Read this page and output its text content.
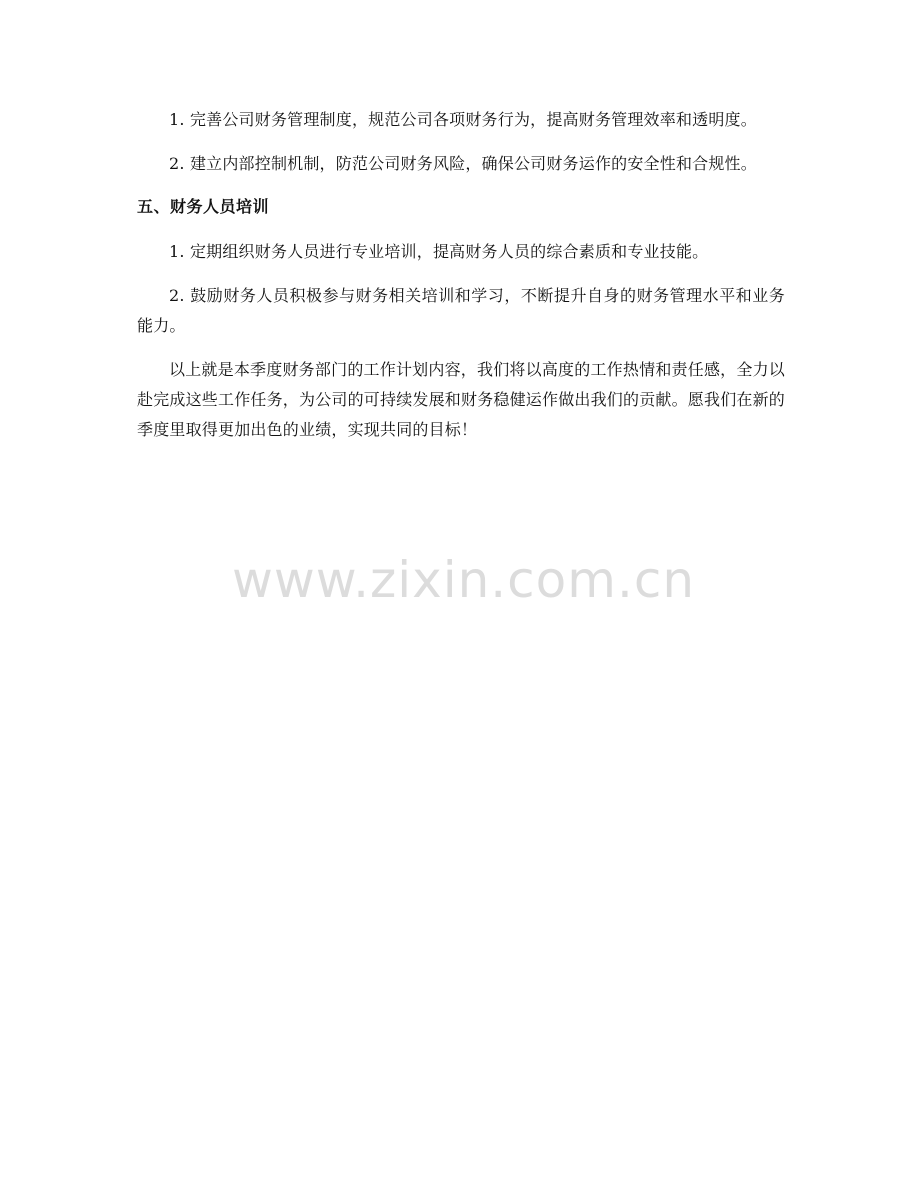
1. 完善公司财务管理制度，规范公司各项财务行为，提高财务管理效率和透明度。

2. 建立内部控制机制，防范公司财务风险，确保公司财务运作的安全性和合规性。

五、财务人员培训

1. 定期组织财务人员进行专业培训，提高财务人员的综合素质和专业技能。

2. 鼓励财务人员积极参与财务相关培训和学习，不断提升自身的财务管理水平和业务能力。

以上就是本季度财务部门的工作计划内容，我们将以高度的工作热情和责任感，全力以赴完成这些工作任务，为公司的可持续发展和财务稳健运作做出我们的贡献。愿我们在新的季度里取得更加出色的业绩，实现共同的目标！

www.zixin.com.cn
